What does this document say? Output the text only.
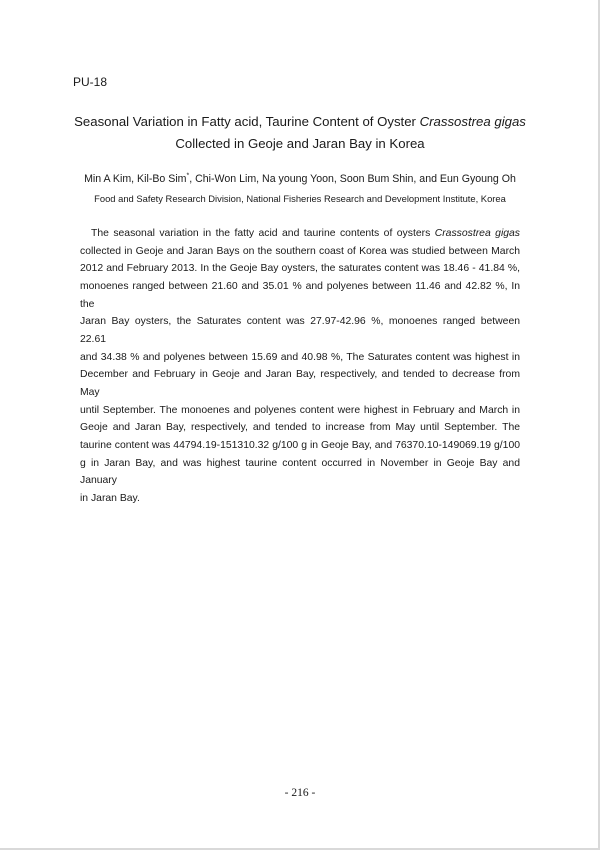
PU-18
Seasonal Variation in Fatty acid, Taurine Content of Oyster Crassostrea gigas
Collected in Geoje and Jaran Bay in Korea
Min A Kim, Kil-Bo Sim*, Chi-Won Lim, Na young Yoon, Soon Bum Shin, and Eun Gyoung Oh
Food and Safety Research Division, National Fisheries Research and Development Institute, Korea

The seasonal variation in the fatty acid and taurine contents of oysters Crassostrea gigas
collected in Geoje and Jaran Bays on the southern coast of Korea was studied between March
2012 and February 2013. In the Geoje Bay oysters, the saturates content was 18.46 - 41.84 %,
monoenes ranged between 21.60 and 35.01 % and polyenes between 11.46 and 42.82 %, In the
Jaran Bay oysters, the Saturates content was 27.97-42.96 %, monoenes ranged between 22.61
and 34.38 % and polyenes between 15.69 and 40.98 %, The Saturates content was highest in
December and February in Geoje and Jaran Bay, respectively, and tended to decrease from May
until September. The monoenes and polyenes content were highest in February and March in
Geoje and Jaran Bay, respectively, and tended to increase from May until September. The
taurine content was 44794.19-151310.32 g/100 g in Geoje Bay, and 76370.10-149069.19 g/100
g in Jaran Bay, and was highest taurine content occurred in November in Geoje Bay and January
in Jaran Bay.

- 216 -
